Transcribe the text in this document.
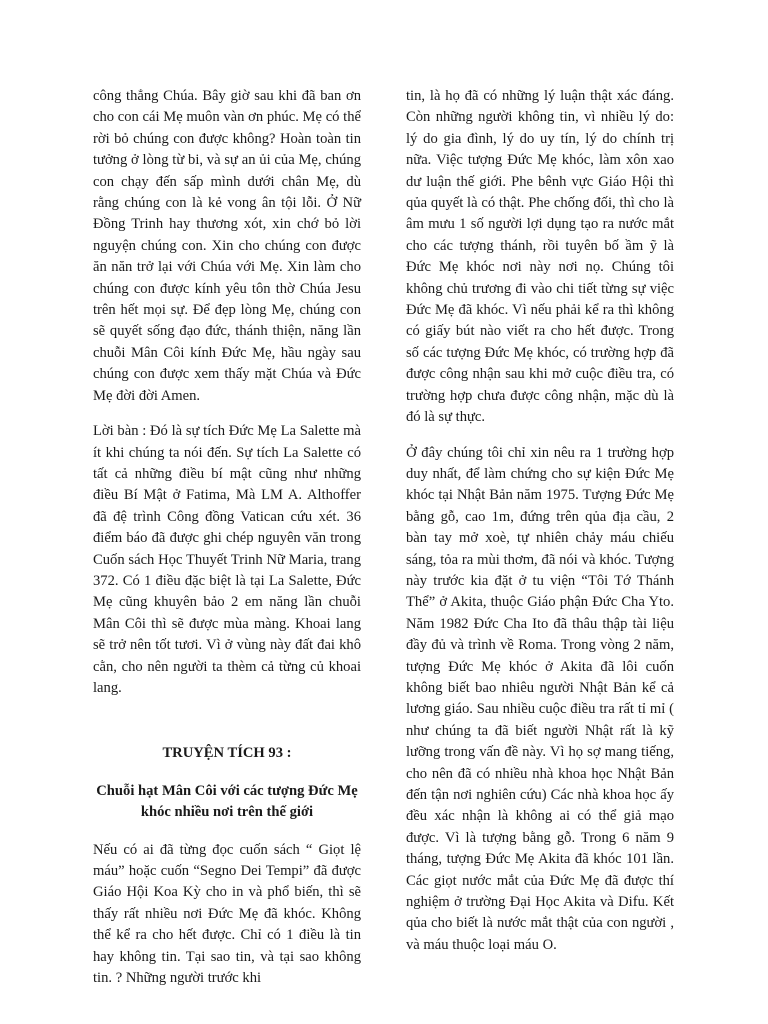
công thẳng Chúa. Bây giờ sau khi đã ban ơn cho con cái Mẹ muôn vàn ơn phúc. Mẹ có thể rời bỏ chúng con được không? Hoàn toàn tin tưởng ở lòng từ bi, và sự an ủi của Mẹ, chúng con chạy đến sấp mình dưới chân Mẹ, dù rằng chúng con là kẻ vong ân tội lỗi. Ở Nữ Đồng Trinh hay thương xót, xin chớ bỏ lời nguyện chúng con. Xin cho chúng con được ăn năn trở lại với Chúa với Mẹ. Xin làm cho chúng con được kính yêu tôn thờ Chúa Jesu trên hết mọi sự. Để đẹp lòng Mẹ, chúng con sẽ quyết sống đạo đức, thánh thiện, năng lần chuỗi Mân Côi kính Đức Mẹ, hầu ngày sau chúng con được xem thấy mặt Chúa và Đức Mẹ đời đời Amen.

Lời bàn : Đó là sự tích Đức Mẹ La Salette mà ít khi chúng ta nói đến. Sự tích La Salette có tất cả những điều bí mật cũng như những điều Bí Mật ở Fatima, Mà LM A. Althoffer đã đệ trình Công đồng Vatican cứu xét. 36 điểm báo đã được ghi chép nguyên văn trong Cuốn sách Học Thuyết Trinh Nữ Maria, trang 372. Có 1 điều đặc biệt là tại La Salette, Đức Mẹ cũng khuyên bảo 2 em năng lần chuỗi Mân Côi thì sẽ được mùa màng. Khoai lang sẽ trở nên tốt tươi. Vì ở vùng này đất đai khô cằn, cho nên người ta thèm cả từng củ khoai lang.

TRUYỆN TÍCH 93 :

Chuỗi hạt Mân Côi với các tượng Đức Mẹ khóc nhiều nơi trên thế giới

Nếu có ai đã từng đọc cuốn sách “ Giọt lệ máu” hoặc cuốn “Segno Dei Tempi” đã được Giáo Hội Koa Kỳ cho in và phổ biến, thì sẽ thấy rất nhiều nơi Đức Mẹ đã khóc. Không thể kể ra cho hết được. Chỉ có 1 điều là tin hay không tin. Tại sao tin, và tại sao không tin. ? Những người trước khi

tin, là họ đã có những lý luận thật xác đáng. Còn những người không tin, vì nhiều lý do: lý do gia đình, lý do uy tín, lý do chính trị nữa. Việc tượng Đức Mẹ khóc, làm xôn xao dư luận thế giới. Phe bênh vực Giáo Hội thì qủa quyết là có thật. Phe chống đối, thì cho là âm mưu 1 số người lợi dụng tạo ra nước mắt cho các tượng thánh, rồi tuyên bố ầm ỹ là Đức Mẹ khóc nơi này nơi nọ. Chúng tôi không chủ trương đi vào chi tiết từng sự việc Đức Mẹ đã khóc. Vì nếu phải kể ra thì không có giấy bút nào viết ra cho hết được. Trong số các tượng Đức Mẹ khóc, có trường hợp đã được công nhận sau khi mở cuộc điều tra, có trường hợp chưa được công nhận, mặc dù là đó là sự thực.

Ở đây chúng tôi chỉ xin nêu ra 1 trường hợp duy nhất, để làm chứng cho sự kiện Đức Mẹ khóc tại Nhật Bản năm 1975. Tượng Đức Mẹ bằng gỗ, cao 1m, đứng trên qủa địa cầu, 2 bàn tay mở xoè, tự nhiên chảy máu chiếu sáng, tỏa ra mùi thơm, đã nói và khóc. Tượng này trước kia đặt ở tu viện “Tôi Tớ Thánh Thể” ở Akita, thuộc Giáo phận Đức Cha Yto. Năm 1982 Đức Cha Ito đã thâu thập tài liệu đầy đủ và trình về Roma. Trong vòng 2 năm, tượng Đức Mẹ khóc ở Akita đã lôi cuốn không biết bao nhiêu người Nhật Bản kể cả lương giáo. Sau nhiều cuộc điều tra rất tỉ mỉ ( như chúng ta đã biết người Nhật rất là kỹ lưỡng trong vấn đề này. Vì họ sợ mang tiếng, cho nên đã có nhiều nhà khoa học Nhật Bản đến tận nơi nghiên cứu) Các nhà khoa học ấy đều xác nhận là không ai có thể giả mạo được. Vì là tượng bằng gỗ. Trong 6 năm 9 tháng, tượng Đức Mẹ Akita đã khóc 101 lần. Các giọt nước mắt của Đức Mẹ đã được thí nghiệm ở trường Đại Học Akita và Difu. Kết qủa cho biết là nước mắt thật của con người , và máu thuộc loại máu O.
